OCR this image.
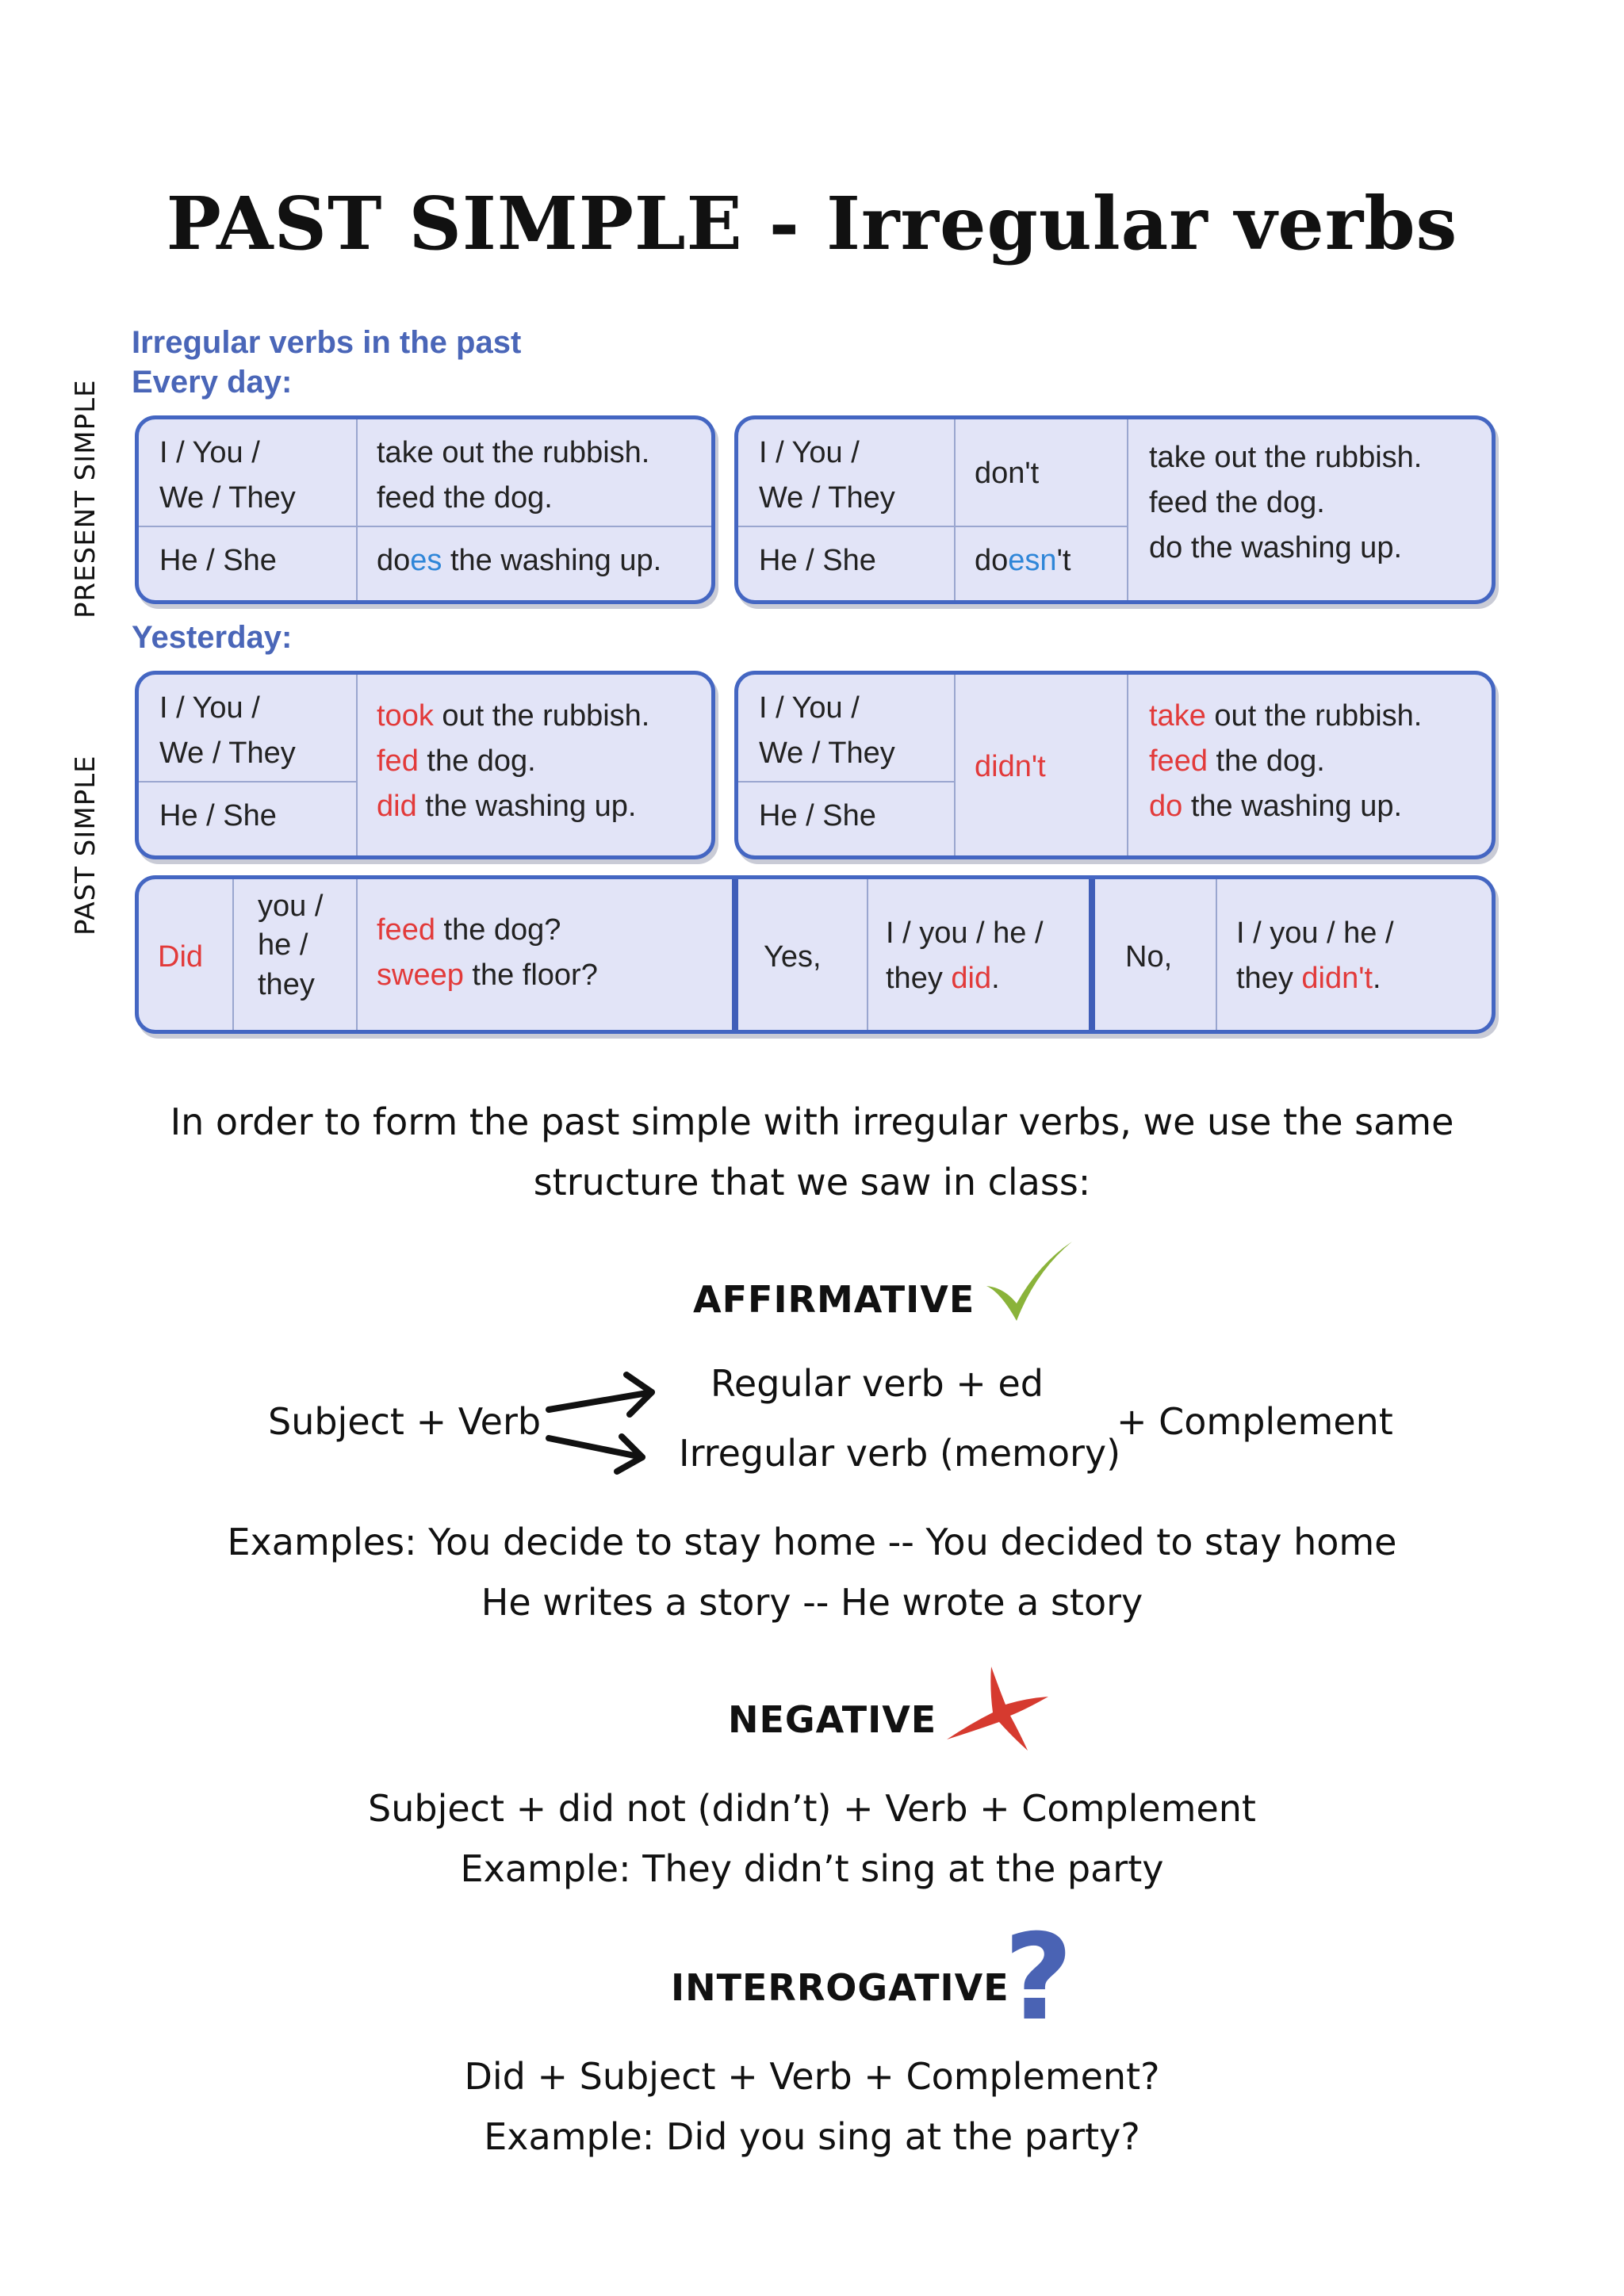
PAST SIMPLE - Irregular verbs
Irregular verbs in the past
Every day:
Yesterday:
PRESENT SIMPLE
PAST SIMPLE
I / You /
We / They
take out the rubbish.
feed the dog.
He / She	does the washing up.
I / You /
We / They
don't
He / She	doesn't
take out the rubbish.
feed the dog.
do the washing up.
I / You /
We / They
He / She
took out the rubbish.
fed the dog.
did the washing up.
I / You /
We / They
He / She
didn't
take out the rubbish.
feed the dog.
do the washing up.
Did
you /
he /
they
feed the dog?
sweep the floor?
Yes,
I / you / he /
they did.
No,
I / you / he /
they didn't.
In order to form the past simple with irregular verbs, we use the same
structure that we saw in class:
AFFIRMATIVE
Subject + Verb
Regular verb + ed
Irregular verb (memory)
+ Complement
Examples: You decide to stay home -- You decided to stay home
He writes a story -- He wrote a story
NEGATIVE
Subject + did not (didn’t) + Verb + Complement
Example: They didn’t sing at the party
INTERROGATIVE
?
Did + Subject + Verb + Complement?
Example: Did you sing at the party?
